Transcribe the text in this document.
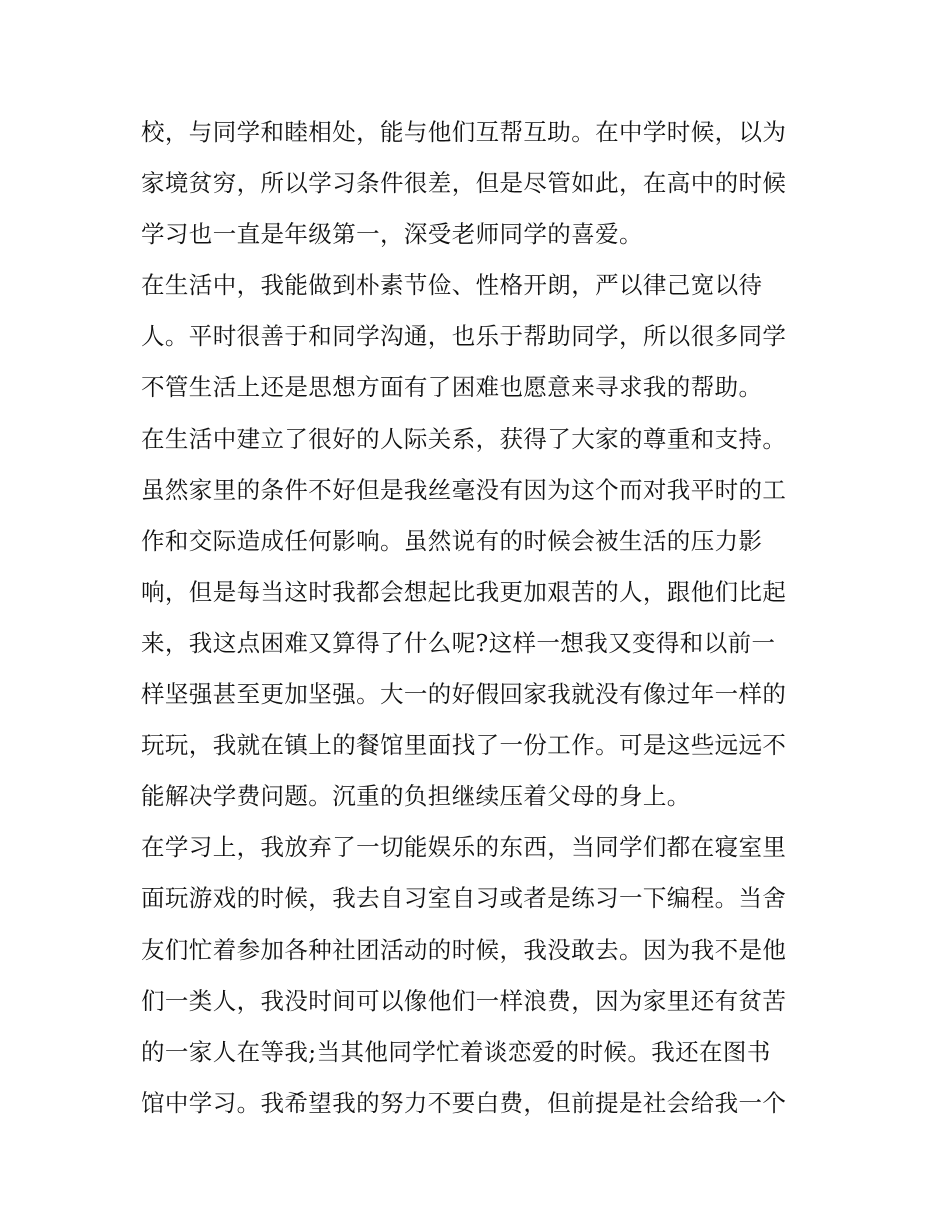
校，与同学和睦相处，能与他们互帮互助。在中学时候，以为
家境贫穷，所以学习条件很差，但是尽管如此，在高中的时候
学习也一直是年级第一，深受老师同学的喜爱。
在生活中，我能做到朴素节俭、性格开朗，严以律己宽以待
人。平时很善于和同学沟通，也乐于帮助同学，所以很多同学
不管生活上还是思想方面有了困难也愿意来寻求我的帮助。
在生活中建立了很好的人际关系，获得了大家的尊重和支持。
虽然家里的条件不好但是我丝毫没有因为这个而对我平时的工
作和交际造成任何影响。虽然说有的时候会被生活的压力影
响，但是每当这时我都会想起比我更加艰苦的人，跟他们比起
来，我这点困难又算得了什么呢?这样一想我又变得和以前一
样坚强甚至更加坚强。大一的好假回家我就没有像过年一样的
玩玩，我就在镇上的餐馆里面找了一份工作。可是这些远远不
能解决学费问题。沉重的负担继续压着父母的身上。
在学习上，我放弃了一切能娱乐的东西，当同学们都在寝室里
面玩游戏的时候，我去自习室自习或者是练习一下编程。当舍
友们忙着参加各种社团活动的时候，我没敢去。因为我不是他
们一类人，我没时间可以像他们一样浪费，因为家里还有贫苦
的一家人在等我;当其他同学忙着谈恋爱的时候。我还在图书
馆中学习。我希望我的努力不要白费，但前提是社会给我一个
